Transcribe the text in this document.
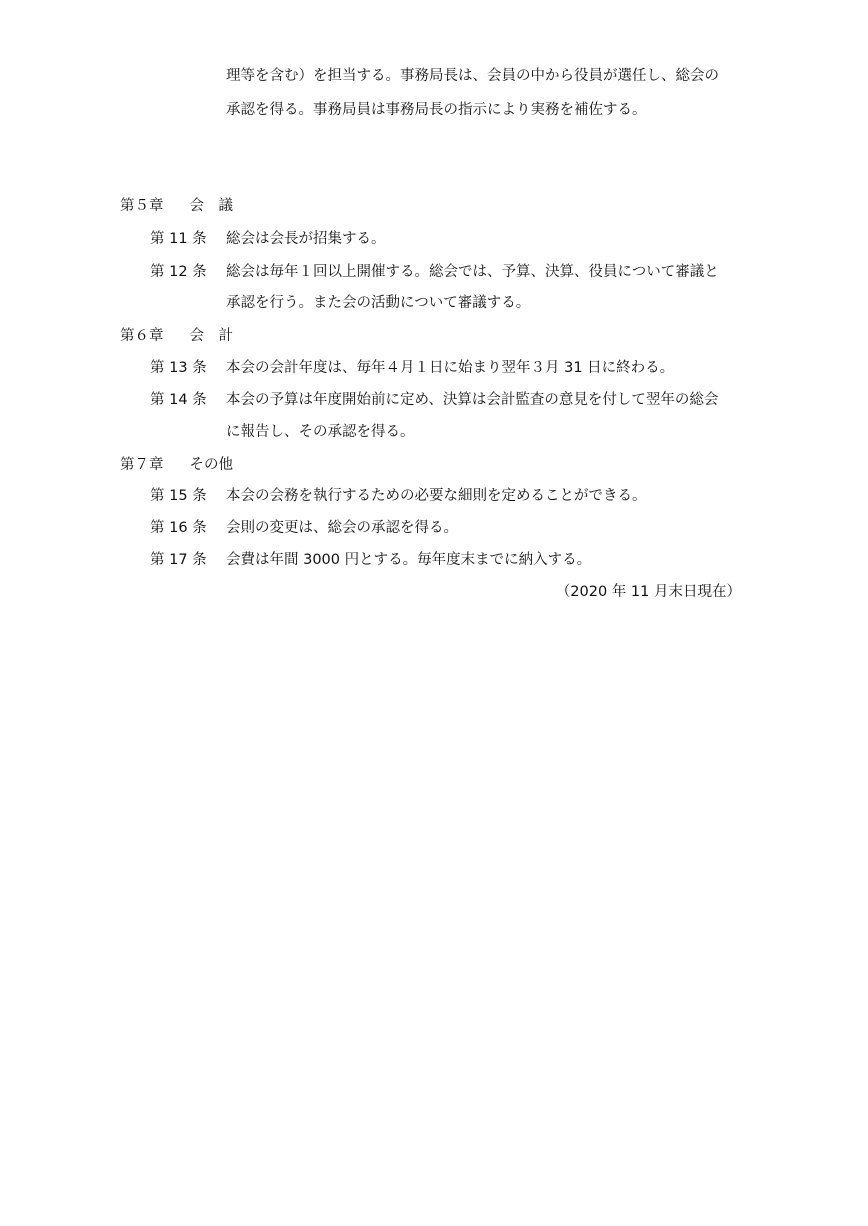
理等を含む）を担当する。事務局長は、会員の中から役員が選任し、総会の
承認を得る。事務局員は事務局長の指示により実務を補佐する。
第５章 会　議
第 11 条 総会は会長が招集する。
第 12 条 総会は毎年１回以上開催する。総会では、予算、決算、役員について審議と
承認を行う。また会の活動について審議する。
第６章 会　計
第 13 条 本会の会計年度は、毎年４月１日に始まり翌年３月 31 日に終わる。
第 14 条 本会の予算は年度開始前に定め、決算は会計監査の意見を付して翌年の総会
に報告し、その承認を得る。
第７章 その他
第 15 条 本会の会務を執行するための必要な細則を定めることができる。
第 16 条 会則の変更は、総会の承認を得る。
第 17 条 会費は年間 3000 円とする。毎年度末までに納入する。
（2020 年 11 月末日現在）
